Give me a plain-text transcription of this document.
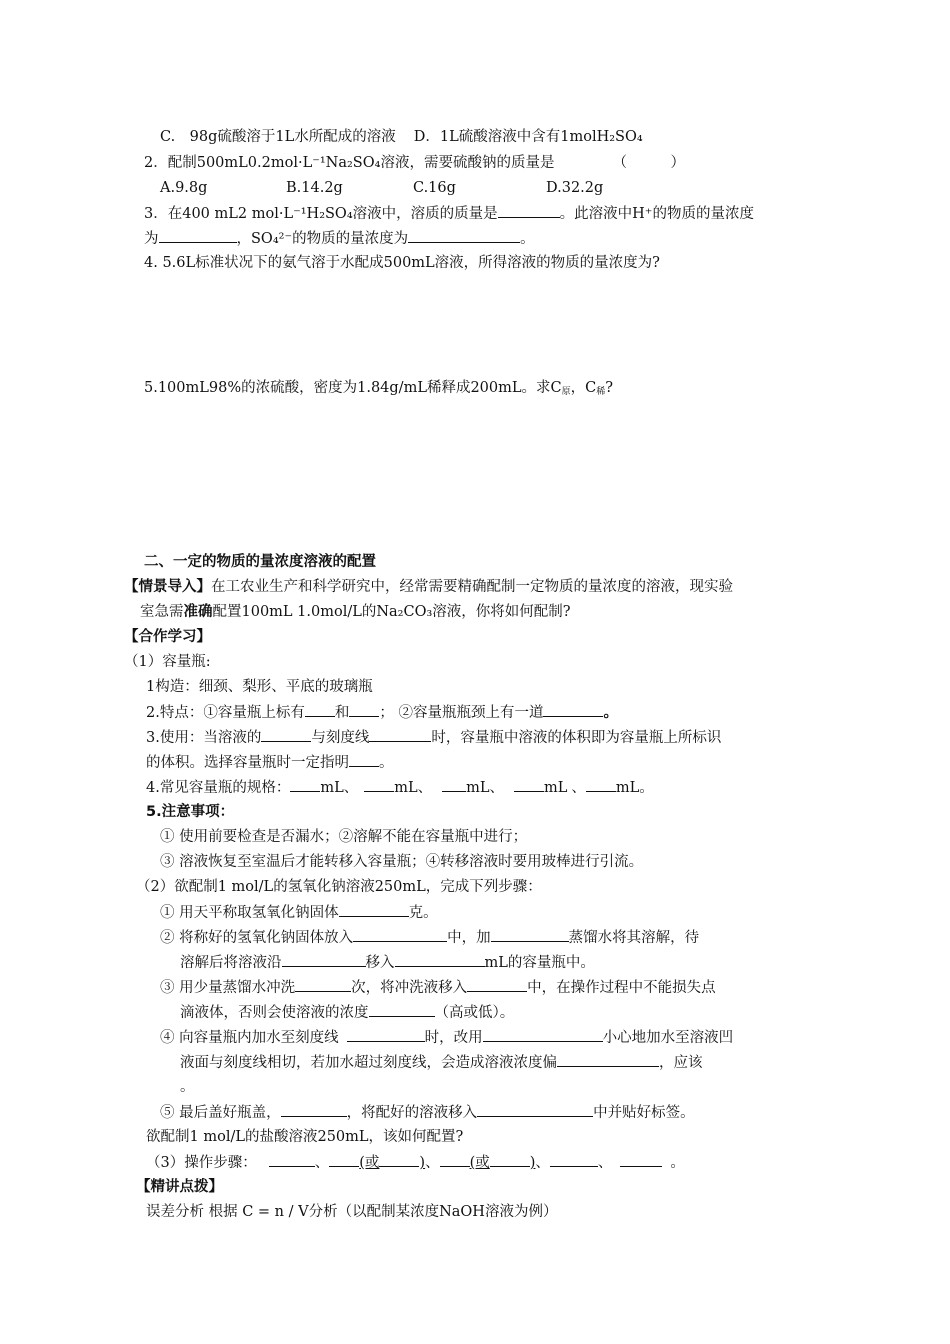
C.　98g硫酸溶于1L水所配成的溶液 D．1L硫酸溶液中含有1molH₂SO₄
2．配制500mL0.2mol·L⁻¹Na₂SO₄溶液，需要硫酸钠的质量是	（　　　）
A.9.8g	B.14.2g	C.16g	D.32.2g
3．在400 mL2 mol·L⁻¹H₂SO₄溶液中，溶质的质量是	。此溶液中H⁺的物质的量浓度
为	，SO₄²⁻的物质的量浓度为	。
4. 5.6L标准状况下的氨气溶于水配成500mL溶液，所得溶液的物质的量浓度为?
5.100mL98%的浓硫酸，密度为1.84g/mL稀释成200mL。求C原，C稀?
二、一定的物质的量浓度溶液的配置
【情景导入】在工农业生产和科学研究中，经常需要精确配制一定物质的量浓度的溶液，现实验
室急需准确配置100mL 1.0mol/L的Na₂CO₃溶液，你将如何配制?
【合作学习】
（1）容量瓶:
1构造：细颈、梨形、平底的玻璃瓶
2.特点：①容量瓶上标有 和 ； ②容量瓶瓶颈上有一道	。
3.使用：当溶液的	与刻度线	时，容量瓶中溶液的体积即为容量瓶上所标识
的体积。选择容量瓶时一定指明 。
4.常见容量瓶的规格： mL、 mL、 mL、	mL 、 mL。
5.注意事项：
① 使用前要检查是否漏水；②溶解不能在容量瓶中进行；
③ 溶液恢复至室温后才能转移入容量瓶；④转移溶液时要用玻棒进行引流。
（2）欲配制1 mol/L的氢氧化钠溶液250mL，完成下列步骤：
① 用天平称取氢氧化钠固体	克。
② 将称好的氢氧化钠固体放入	中，加	蒸馏水将其溶解，待
溶解后将溶液沿	移入	mL的容量瓶中。
③ 用少量蒸馏水冲洗	次，将冲洗液移入	中，在操作过程中不能损失点
滴液体，否则会使溶液的浓度	（高或低）。
④ 向容量瓶内加水至刻度线	时，改用	小心地加水至溶液凹
液面与刻度线相切，若加水超过刻度线，会造成溶液浓度偏	，应该
。
⑤ 最后盖好瓶盖，	，将配好的溶液移入	中并贴好标签。
欲配制1 mol/L的盐酸溶液250mL，该如何配置?
（3）操作步骤：	、 (或	)、 (或	)、	、	。
【精讲点拨】
误差分析 根据 C = n / V分析（以配制某浓度NaOH溶液为例）
